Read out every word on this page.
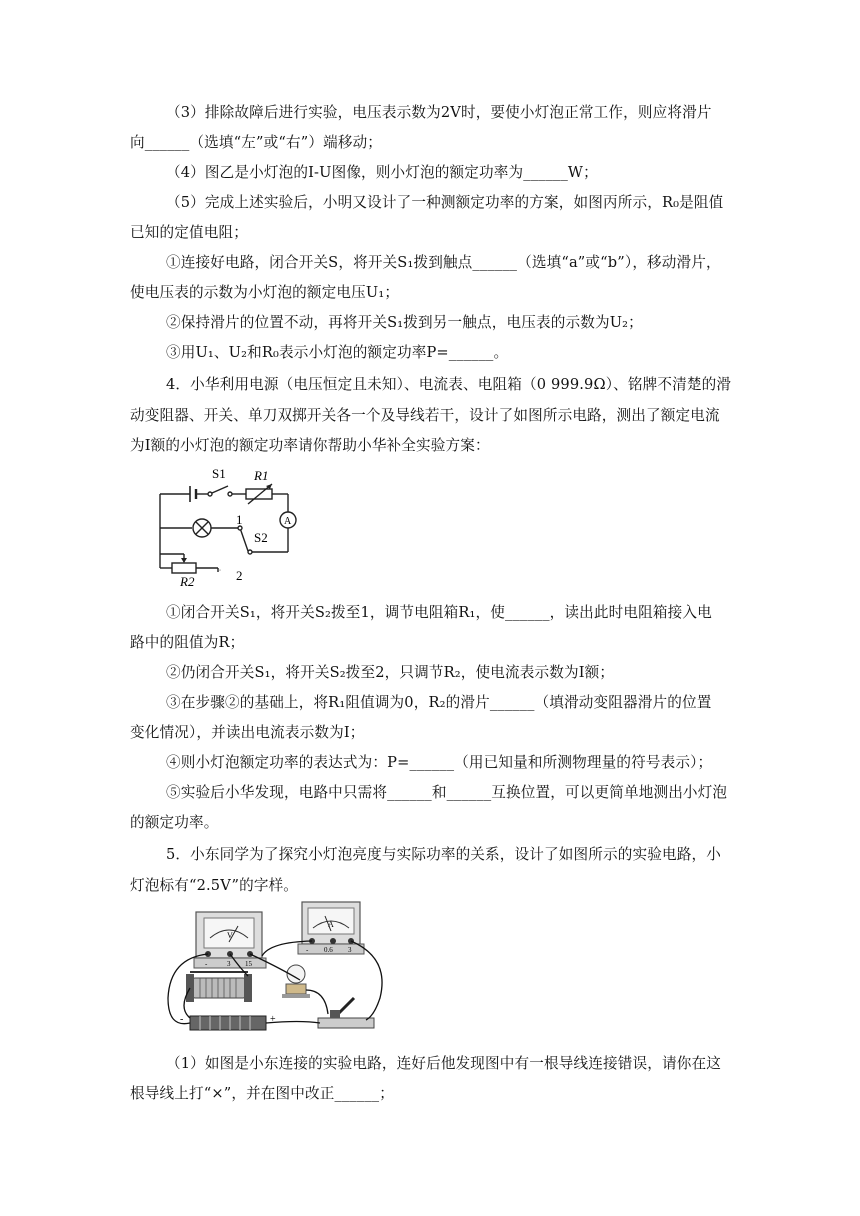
（3）排除故障后进行实验，电压表示数为2V时，要使小灯泡正常工作，则应将滑片
向______（选填“左”或“右”）端移动；
（4）图乙是小灯泡的I-U图像，则小灯泡的额定功率为______W；
（5）完成上述实验后，小明又设计了一种测额定功率的方案，如图丙所示，R₀是阻值
已知的定值电阻；
①连接好电路，闭合开关S，将开关S₁拨到触点______（选填“a”或“b”），移动滑片，
使电压表的示数为小灯泡的额定电压U₁；
②保持滑片的位置不动，再将开关S₁拨到另一触点，电压表的示数为U₂；
③用U₁、U₂和R₀表示小灯泡的额定功率P=______。
4．小华利用电源（电压恒定且未知）、电流表、电阻箱（0 999.9Ω）、铭牌不清楚的滑
动变阻器、开关、单刀双掷开关各一个及导线若干，设计了如图所示电路，测出了额定电流
为I额的小灯泡的额定功率请你帮助小华补全实验方案：
S1 R1
A
1
S2
2
R2
①闭合开关S₁，将开关S₂拨至1，调节电阻箱R₁，使______，读出此时电阻箱接入电
路中的阻值为R；
②仍闭合开关S₁，将开关S₂拨至2，只调节R₂，使电流表示数为I额；
③在步骤②的基础上，将R₁阻值调为0，R₂的滑片______（填滑动变阻器滑片的位置
变化情况），并读出电流表示数为I；
④则小灯泡额定功率的表达式为：P=______（用已知量和所测物理量的符号表示）；
⑤实验后小华发现，电路中只需将______和______互换位置，可以更简单地测出小灯泡
的额定功率。
5．小东同学为了探究小灯泡亮度与实际功率的关系，设计了如图所示的实验电路，小
灯泡标有“2.5V”的字样。
V
-	3 15
A
- 0.6 3
-	+
（1）如图是小东连接的实验电路，连好后他发现图中有一根导线连接错误，请你在这
根导线上打“×”，并在图中改正______；
